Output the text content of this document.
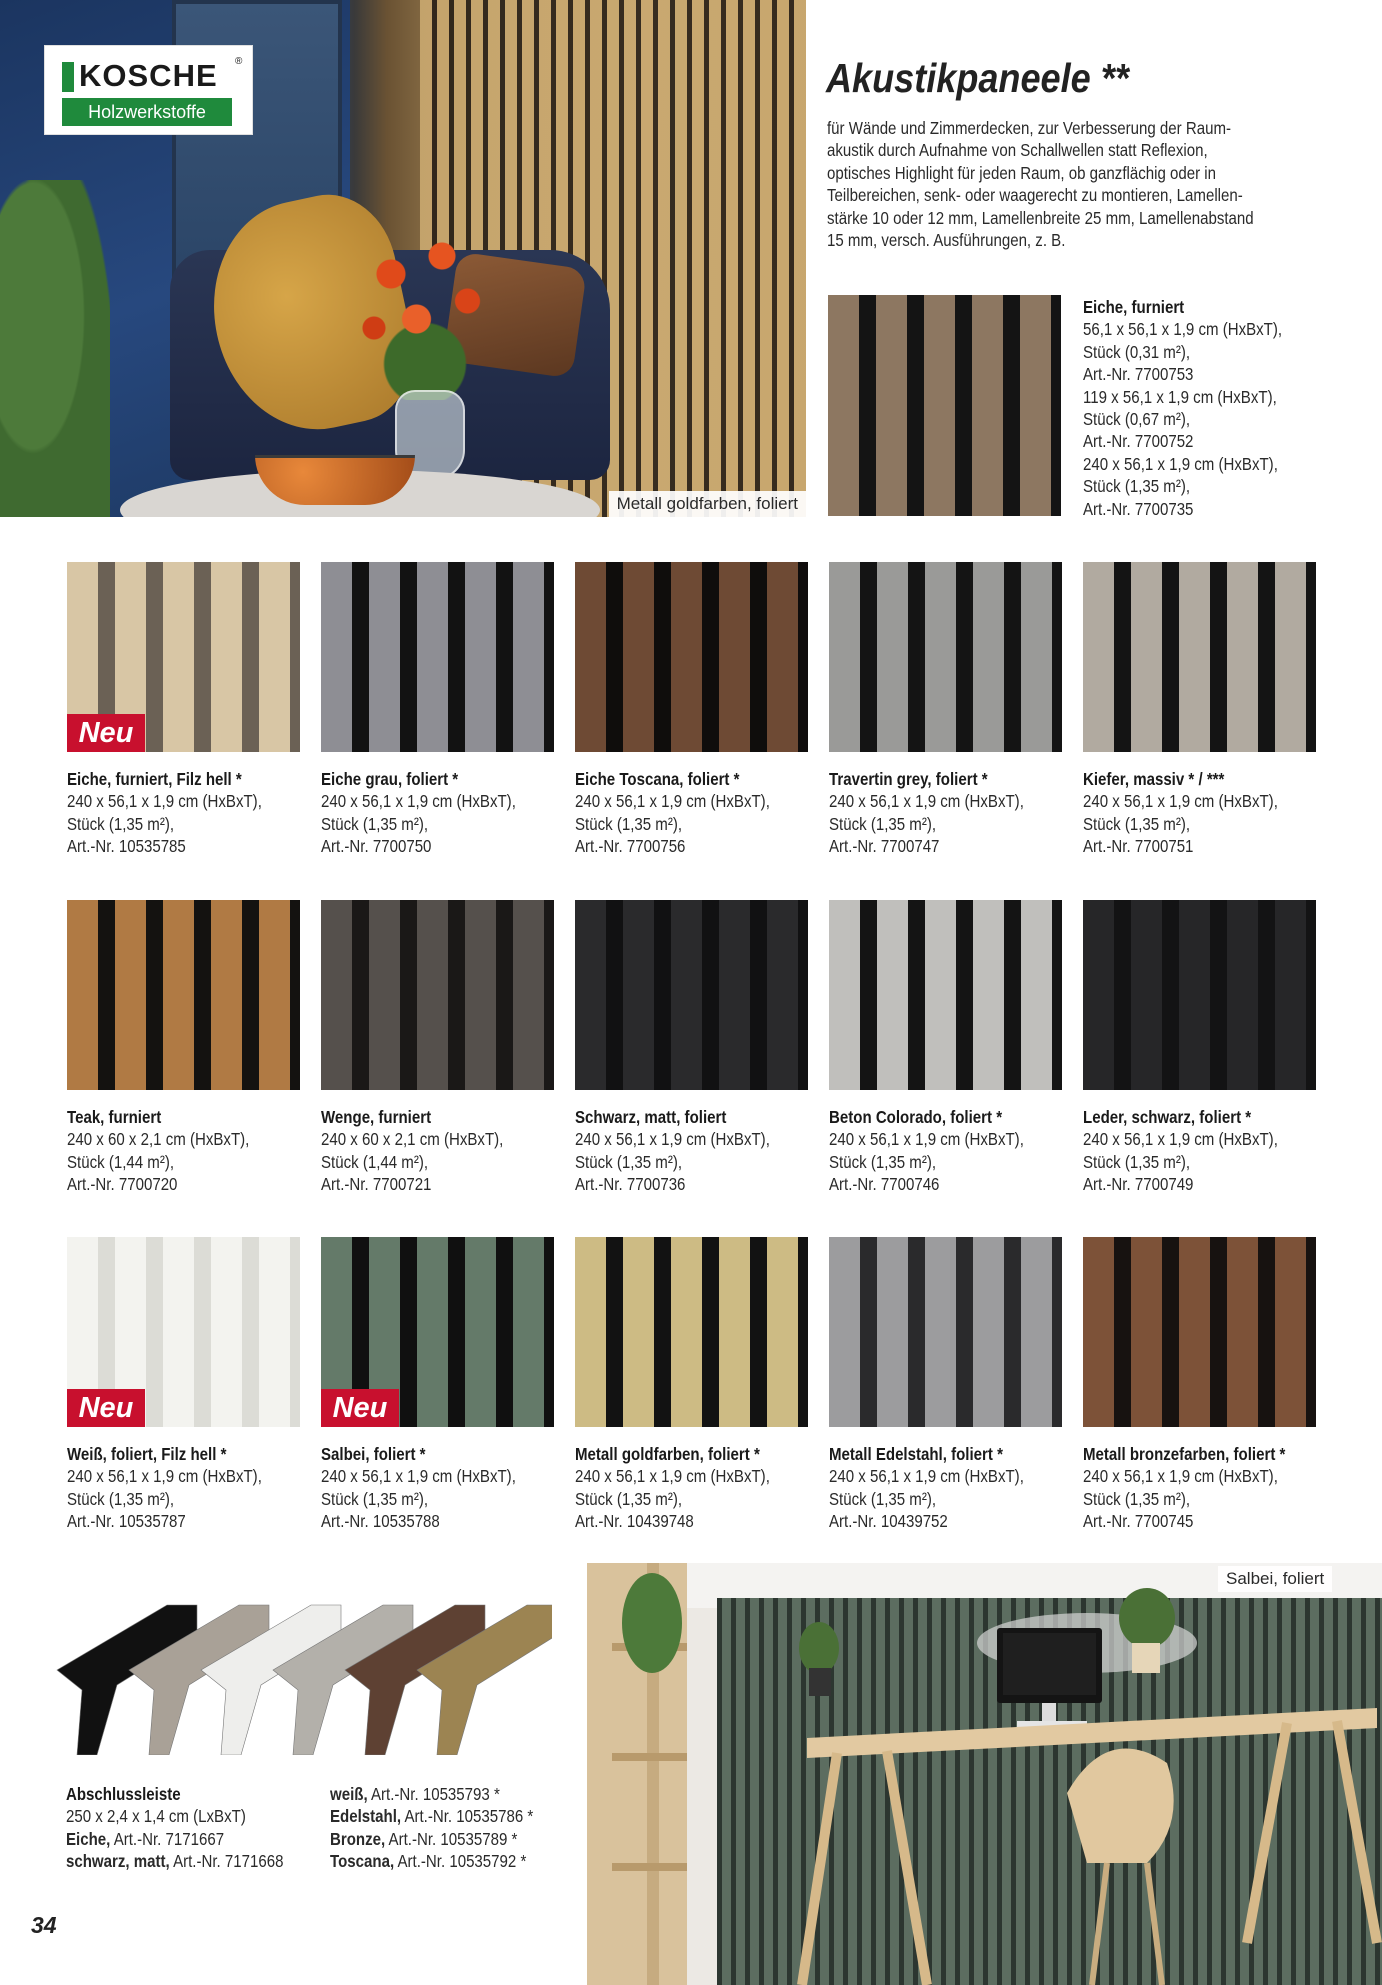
Metall goldfarben, foliert
KOSCHE ®
Holzwerkstoffe
Akustikpaneele **
für Wände und Zimmerdecken, zur Verbesserung der Raum-
akustik durch Aufnahme von Schallwellen statt Reflexion,
optisches Highlight für jeden Raum, ob ganzflächig oder in
Teilbereichen, senk- oder waagerecht zu montieren, Lamellen-
stärke 10 oder 12 mm, Lamellenbreite 25 mm, Lamellenabstand
15 mm, versch. Ausführungen, z. B.
Eiche, furniert
56,1 x 56,1 x 1,9 cm (HxBxT),
Stück (0,31 m²),
Art.-Nr. 7700753
119 x 56,1 x 1,9 cm (HxBxT),
Stück (0,67 m²),
Art.-Nr. 7700752
240 x 56,1 x 1,9 cm (HxBxT),
Stück (1,35 m²),
Art.-Nr. 7700735
Neu
Eiche, furniert, Filz hell *
240 x 56,1 x 1,9 cm (HxBxT),
Stück (1,35 m²),
Art.-Nr. 10535785
Eiche grau, foliert *
240 x 56,1 x 1,9 cm (HxBxT),
Stück (1,35 m²),
Art.-Nr. 7700750
Eiche Toscana, foliert *
240 x 56,1 x 1,9 cm (HxBxT),
Stück (1,35 m²),
Art.-Nr. 7700756
Travertin grey, foliert *
240 x 56,1 x 1,9 cm (HxBxT),
Stück (1,35 m²),
Art.-Nr. 7700747
Kiefer, massiv * / ***
240 x 56,1 x 1,9 cm (HxBxT),
Stück (1,35 m²),
Art.-Nr. 7700751
Teak, furniert
240 x 60 x 2,1 cm (HxBxT),
Stück (1,44 m²),
Art.-Nr. 7700720
Wenge, furniert
240 x 60 x 2,1 cm (HxBxT),
Stück (1,44 m²),
Art.-Nr. 7700721
Schwarz, matt, foliert
240 x 56,1 x 1,9 cm (HxBxT),
Stück (1,35 m²),
Art.-Nr. 7700736
Beton Colorado, foliert *
240 x 56,1 x 1,9 cm (HxBxT),
Stück (1,35 m²),
Art.-Nr. 7700746
Leder, schwarz, foliert *
240 x 56,1 x 1,9 cm (HxBxT),
Stück (1,35 m²),
Art.-Nr. 7700749
Neu
Weiß, foliert, Filz hell *
240 x 56,1 x 1,9 cm (HxBxT),
Stück (1,35 m²),
Art.-Nr. 10535787
Neu
Salbei, foliert *
240 x 56,1 x 1,9 cm (HxBxT),
Stück (1,35 m²),
Art.-Nr. 10535788
Metall goldfarben, foliert *
240 x 56,1 x 1,9 cm (HxBxT),
Stück (1,35 m²),
Art.-Nr. 10439748
Metall Edelstahl, foliert *
240 x 56,1 x 1,9 cm (HxBxT),
Stück (1,35 m²),
Art.-Nr. 10439752
Metall bronzefarben, foliert *
240 x 56,1 x 1,9 cm (HxBxT),
Stück (1,35 m²),
Art.-Nr. 7700745
Abschlussleiste
250 x 2,4 x 1,4 cm (LxBxT)
Eiche, Art.-Nr. 7171667
schwarz, matt, Art.-Nr. 7171668
weiß, Art.-Nr. 10535793 *
Edelstahl, Art.-Nr. 10535786 *
Bronze, Art.-Nr. 10535789 *
Toscana, Art.-Nr. 10535792 *
Salbei, foliert
34
